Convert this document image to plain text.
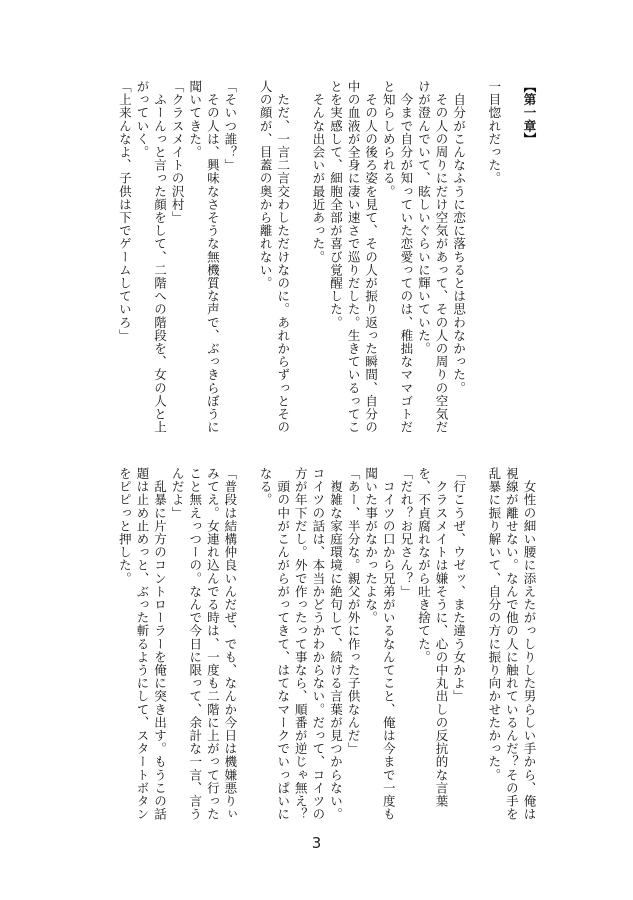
【第一章】
一目惚れだった。
　自分がこんなふうに恋に落ちるとは思わなかった。
　その人の周りにだけ空気があって、その人の周りの空気だ
けが澄んでいて、眩しいぐらいに輝いていた。
　今まで自分が知っていた恋愛ってのは、稚拙なママゴトだ
と知らしめられる。
　その人の後ろ姿を見て、その人が振り返った瞬間、自分の
中の血液が全身に凄い速さで巡りだした。生きているってこ
とを実感して、細胞全部が喜び覚醒した。
　そんな出会いが最近あった。
　ただ、一言二言交わしただけなのに。あれからずっとその
人の顔が、目蓋の奥から離れない。
「そいつ誰？」
　その人は、興味なさそうな無機質な声で、ぶっきらぼうに
聞いてきた。
「クラスメイトの沢村」
　ふーんっと言った顔をして、二階への階段を、女の人と上
がっていく。
「上来んなよ、子供は下でゲームしていろ」
　女性の細い腰に添えたがっしりした男らしい手から、俺は
視線が離せない。なんで他の人に触れているんだ？その手を
乱暴に振り解いて、自分の方に振り向かせたかった。
「行こうぜ、ウゼッ、また違う女かよ」
　クラスメイトは嫌そうに、心の中丸出しの反抗的な言葉
を、不貞腐れながら吐き捨てた。
「だれ？お兄さん？」
　コイツの口から兄弟がいるなんてこと、俺は今まで一度も
聞いた事がなかったよな。
「あー、半分な。親父が外に作った子供なんだ」
　複雑な家庭環境に絶句して、続ける言葉が見つからない。
コイツの話は、本当かどうかわからない。だって、コイツの
方が年下だし。外で作ったって事なら、順番が逆じゃ無え？
　頭の中がこんがらがってきて、はてなマークでいっぱいに
なる。
「普段は結構仲良いんだぜ、でも、なんか今日は機嫌悪りぃ
みてえ。女連れ込んでる時は、一度も二階に上がって行った
こと無えっつーの。なんで今日に限って、余計な一言、言う
んだよ」
　乱暴に片方のコントローラーを俺に突き出す。もうこの話
題は止め止めっと、ぶった斬るようにして、スタートボタン
をピピっと押した。
3
